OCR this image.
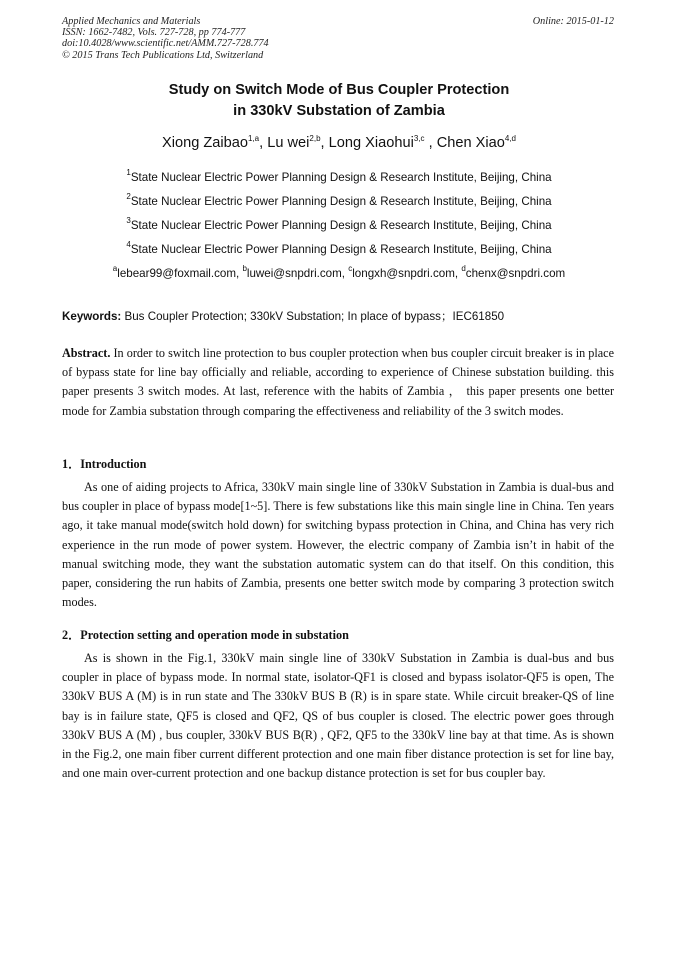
Applied Mechanics and Materials
ISSN: 1662-7482, Vols. 727-728, pp 774-777
doi:10.4028/www.scientific.net/AMM.727-728.774
© 2015 Trans Tech Publications Ltd, Switzerland
Online: 2015-01-12
Study on Switch Mode of Bus Coupler Protection
in 330kV Substation of Zambia
Xiong Zaibao$^{1,a}$, Lu wei$^{2,b}$, Long Xiaohui$^{3,c}$ , Chen Xiao$^{4,d}$
$^1$State Nuclear Electric Power Planning Design & Research Institute, Beijing, China
$^2$State Nuclear Electric Power Planning Design & Research Institute, Beijing, China
$^3$State Nuclear Electric Power Planning Design & Research Institute, Beijing, China
$^4$State Nuclear Electric Power Planning Design & Research Institute, Beijing, China
$^a$lebear99@foxmail.com, $^b$luwei@snpdri.com, $^c$longxh@snpdri.com, $^d$chenx@snpdri.com
Keywords: Bus Coupler Protection; 330kV Substation; In place of bypass；IEC61850

Abstract. In order to switch line protection to bus coupler protection when bus coupler circuit breaker is in place of bypass state for line bay officially and reliable, according to experience of Chinese substation building. this paper presents 3 switch modes. At last, reference with the habits of Zambia ， this paper presents one better mode for Zambia substation through comparing the effectiveness and reliability of the 3 switch modes.

1．Introduction

As one of aiding projects to Africa, 330kV main single line of 330kV Substation in Zambia is dual-bus and bus coupler in place of bypass mode[1~5]. There is few substations like this main single line in China. Ten years ago, it take manual mode(switch hold down) for switching bypass protection in China, and China has very rich experience in the run mode of power system. However, the electric company of Zambia isn’t in habit of the manual switching mode, they want the substation automatic system can do that itself. On this condition, this paper, considering the run habits of Zambia, presents one better switch mode by comparing 3 protection switch modes.

2．Protection setting and operation mode in substation

As is shown in the Fig.1, 330kV main single line of 330kV Substation in Zambia is dual-bus and bus coupler in place of bypass mode. In normal state, isolator-QF1 is closed and bypass isolator-QF5 is open, The 330kV BUS A (M) is in run state and The 330kV BUS B (R) is in spare state. While circuit breaker-QS of line bay is in failure state, QF5 is closed and QF2, QS of bus coupler is closed. The electric power goes through 330kV BUS A (M) , bus coupler, 330kV BUS B(R) , QF2, QF5 to the 330kV line bay at that time. As is shown in the Fig.2, one main fiber current different protection and one main fiber distance protection is set for line bay, and one main over-current protection and one backup distance protection is set for bus coupler bay.
